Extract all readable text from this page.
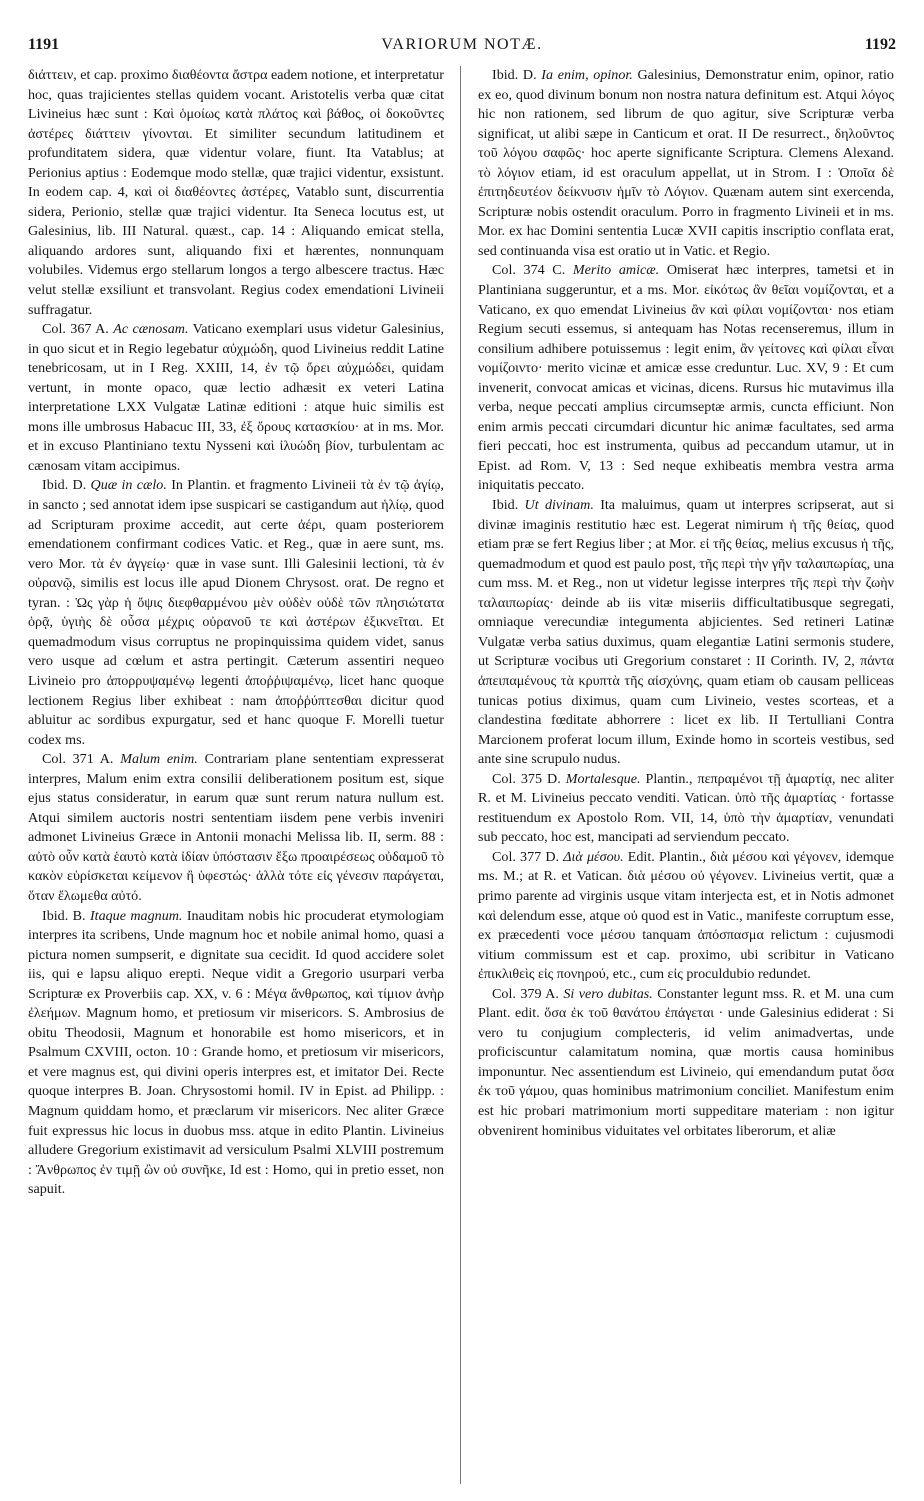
1191	VARIORUM NOTÆ.	1192

διάττειν, et cap. proximo διαθέοντα ἄστρα eadem notione, et interpretatur hoc, quas trajicientes stellas quidem vocant. Aristotelis verba quæ citat Livineius hæc sunt : Καὶ ὁμοίως κατὰ πλάτος καὶ βάθος, οἱ δοκοῦντες ἀστέρες διάττειν γίνονται. Et similiter secundum latitudinem et profunditatem sidera, quæ videntur volare, fiunt. Ita Vatablus; at Perionius aptius : Eodemque modo stellæ, quæ trajici videntur, exsistunt. In eodem cap. 4, καὶ οἱ διαθέοντες ἀστέρες, Vatablo sunt, discurrentia sidera, Perionio, stellæ quæ trajici videntur. Ita Seneca locutus est, ut Galesinius, lib. III Natural. quæst., cap. 14 : Aliquando emicat stella, aliquando ardores sunt, aliquando fixi et hærentes, nonnunquam volubiles. Videmus ergo stellarum longos a tergo albescere tractus. Hæc velut stellæ exsiliunt et transvolant. Regius codex emendationi Livineii suffragatur.

Col. 367 A. Ac cænosam. Vaticano exemplari usus videtur Galesinius, in quo sicut et in Regio legebatur αὐχμώδη, quod Livineius reddit Latine tenebricosam, ut in I Reg. XXIII, 14, ἐν τῷ ὄρει αὐχμώδει, quidam vertunt, in monte opaco, quæ lectio adhæsit ex veteri Latina interpretatione LXX Vulgatæ Latinæ editioni : atque huic similis est mons ille umbrosus Habacuc III, 33, ἐξ ὄρους κατασκίου· at in ms. Mor. et in excuso Plantiniano textu Nysseni καὶ ἰλυώδη βίον, turbulentam ac cænosam vitam accipimus.

Ibid. D. Quæ in cælo. In Plantin. et fragmento Livineii τὰ ἐν τῷ ἁγίῳ, in sancto ; sed annotat idem ipse suspicari se castigandum aut ἡλίῳ, quod ad Scripturam proxime accedit, aut certe ἀέρι, quam posteriorem emendationem confirmant codices Vatic. et Reg., quæ in aere sunt, ms. vero Mor. τὰ ἐν ἀγγείῳ· quæ in vase sunt. Illi Galesinii lectioni, τὰ ἐν οὐρανῷ, similis est locus ille apud Dionem Chrysost. orat. De regno et tyran. : Ὡς γὰρ ἡ ὄψις διεφθαρμένου μὲν οὐδὲν οὐδὲ τῶν πλησιώτατα ὁρᾷ, ὑγιὴς δὲ οὖσα μέχρις οὐρανοῦ τε καὶ ἀστέρων ἐξικνεῖται. Et quemadmodum visus corruptus ne propinquissima quidem videt, sanus vero usque ad cœlum et astra pertingit. Cæterum assentiri nequeo Livineio pro ἀπορρυψαμένῳ legenti ἀποῤῥιψαμένῳ, licet hanc quoque lectionem Regius liber exhibeat : nam ἀποῤῥύπτεσθαι dicitur quod abluitur ac sordibus expurgatur, sed et hanc quoque F. Morelli tuetur codex ms.

Col. 371 A. Malum enim. Contrariam plane sententiam expresserat interpres, Malum enim extra consilii deliberationem positum est, sique ejus status consideratur, in earum quæ sunt rerum natura nullum est. Atqui similem auctoris nostri sententiam iisdem pene verbis inveniri admonet Livineius Græce in Antonii monachi Melissa lib. II, serm. 88 : αὐτὸ οὖν κατὰ ἑαυτὸ κατὰ ἰδίαν ὑπόστασιν ἔξω προαιρέσεως οὐδαμοῦ τὸ κακὸν εὑρίσκεται κείμενον ἢ ὑφεστώς· ἀλλὰ τότε εἰς γένεσιν παράγεται, ὅταν ἔλωμεθα αὐτό.

Ibid. B. Itaque magnum. Inauditam nobis hic procuderat etymologiam interpres ita scribens, Unde magnum hoc et nobile animal homo, quasi a pictura nomen sumpserit, e dignitate sua cecidit. Id quod accidere solet iis, qui e lapsu aliquo erepti. Neque vidit a Gregorio usurpari verba Scripturæ ex Proverbiis cap. XX, v. 6 : Μέγα ἄνθρωπος, καὶ τίμιον ἀνὴρ ἐλεήμων. Magnum homo, et pretiosum vir misericors. S. Ambrosius de obitu Theodosii, Magnum et honorabile est homo misericors, et in Psalmum CXVIII, octon. 10 : Grande homo, et pretiosum vir misericors, et vere magnus est, qui divini operis interpres est, et imitator Dei. Recte quoque interpres B. Joan. Chrysostomi homil. IV in Epist. ad Philipp. : Magnum quiddam homo, et præclarum vir misericors. Nec aliter Græce fuit expressus hic locus in duobus mss. atque in edito Plantin. Livineius alludere Gregorium existimavit ad versiculum Psalmi XLVIII postremum : Ἄνθρωπος ἐν τιμῇ ὢν οὐ συνῆκε, Id est : Homo, qui in pretio esset, non sapuit.

Ibid. D. Ia enim, opinor. Galesinius, Demonstratur enim, opinor, ratio ex eo, quod divinum bonum non nostra natura definitum est. Atqui λόγος hic non rationem, sed librum de quo agitur, sive Scripturæ verba significat, ut alibi sæpe in Canticum et orat. II De resurrect., δηλοῦντος τοῦ λόγου σαφῶς· hoc aperte significante Scriptura. Clemens Alexand. τὸ λόγιον etiam, id est oraculum appellat, ut in Strom. I : Ὁποῖα δὲ ἐπιτηδευτέον δείκνυσιν ἡμῖν τὸ Λόγιον. Quænam autem sint exercenda, Scripturæ nobis ostendit oraculum. Porro in fragmento Livineii et in ms. Mor. ex hac Domini sententia Lucæ XVII capitis inscriptio conflata erat, sed continuanda visa est oratio ut in Vatic. et Regio.

Col. 374 C. Merito amicæ. Omiserat hæc interpres, tametsi et in Plantiniana suggeruntur, et a ms. Mor. εἰκότως ἂν θεῖαι νομίζονται, et a Vaticano, ex quo emendat Livineius ἂν καὶ φίλαι νομίζονται· nos etiam Regium secuti essemus, si antequam has Notas recenseremus, illum in consilium adhibere potuissemus : legit enim, ἂν γείτονες καὶ φίλαι εἶναι νομίζοιντο· merito vicinæ et amicæ esse creduntur. Luc. XV, 9 : Et cum invenerit, convocat amicas et vicinas, dicens. Rursus hic mutavimus illa verba, neque peccati amplius circumseptæ armis, cuncta efficiunt. Non enim armis peccati circumdari dicuntur hic animæ facultates, sed arma fieri peccati, hoc est instrumenta, quibus ad peccandum utamur, ut in Epist. ad Rom. V, 13 : Sed neque exhibeatis membra vestra arma iniquitatis peccato.

Ibid. Ut divinam. Ita maluimus, quam ut interpres scripserat, aut si divinæ imaginis restitutio hæc est. Legerat nimirum ἡ τῆς θείας, quod etiam præ se fert Regius liber ; at Mor. εἰ τῆς θείας, melius excusus ἡ τῆς, quemadmodum et quod est paulo post, τῆς περὶ τὴν γῆν ταλαιπωρίας, una cum mss. M. et Reg., non ut videtur legisse interpres τῆς περὶ τὴν ζωὴν ταλαιπωρίας· deinde ab iis vitæ miseriis difficultatibusque segregati, omniaque verecundiæ integumenta abjicientes. Sed retineri Latinæ Vulgatæ verba satius duximus, quam elegantiæ Latini sermonis studere, ut Scripturæ vocibus uti Gregorium constaret : II Corinth. IV, 2, πάντα ἀπειπαμένους τὰ κρυπτὰ τῆς αἰσχύνης, quam etiam ob causam pelliceas tunicas potius diximus, quam cum Livineio, vestes scorteas, et a clandestina fœditate abhorrere : licet ex lib. II Tertulliani Contra Marcionem proferat locum illum, Exinde homo in scorteis vestibus, sed ante sine scrupulo nudus.

Col. 375 D. Mortalesque. Plantin., πεπραμένοι τῇ ἁμαρτίᾳ, nec aliter R. et M. Livineius peccato venditi. Vatican. ὑπὸ τῆς ἁμαρτίας · fortasse restituendum ex Apostolo Rom. VII, 14, ὑπὸ τὴν ἁμαρτίαν, venundati sub peccato, hoc est, mancipati ad serviendum peccato.

Col. 377 D. Διὰ μέσου. Edit. Plantin., διὰ μέσου καὶ γέγονεν, idemque ms. M.; at R. et Vatican. διὰ μέσου οὐ γέγονεν. Livineius vertit, quæ a primo parente ad virginis usque vitam interjecta est, et in Notis admonet καὶ delendum esse, atque οὐ quod est in Vatic., manifeste corruptum esse, ex præcedenti voce μέσου tanquam ἀπόσπασμα relictum : cujusmodi vitium commissum est et cap. proximo, ubi scribitur in Vaticano ἐπικλιθεὶς εἰς πονηρού, etc., cum εἰς proculdubio redundet.

Col. 379 A. Si vero dubitas. Constanter legunt mss. R. et M. una cum Plant. edit. ὅσα ἐκ τοῦ θανάτου ἐπάγεται · unde Galesinius ediderat : Si vero tu conjugium complecteris, id velim animadvertas, unde proficiscuntur calamitatum nomina, quæ mortis causa hominibus imponuntur. Nec assentiendum est Livineio, qui emendandum putat ὅσα ἐκ τοῦ γάμου, quas hominibus matrimonium conciliet. Manifestum enim est hic probari matrimonium morti suppeditare materiam : non igitur obvenirent hominibus viduitates vel orbitates liberorum, et aliæ
